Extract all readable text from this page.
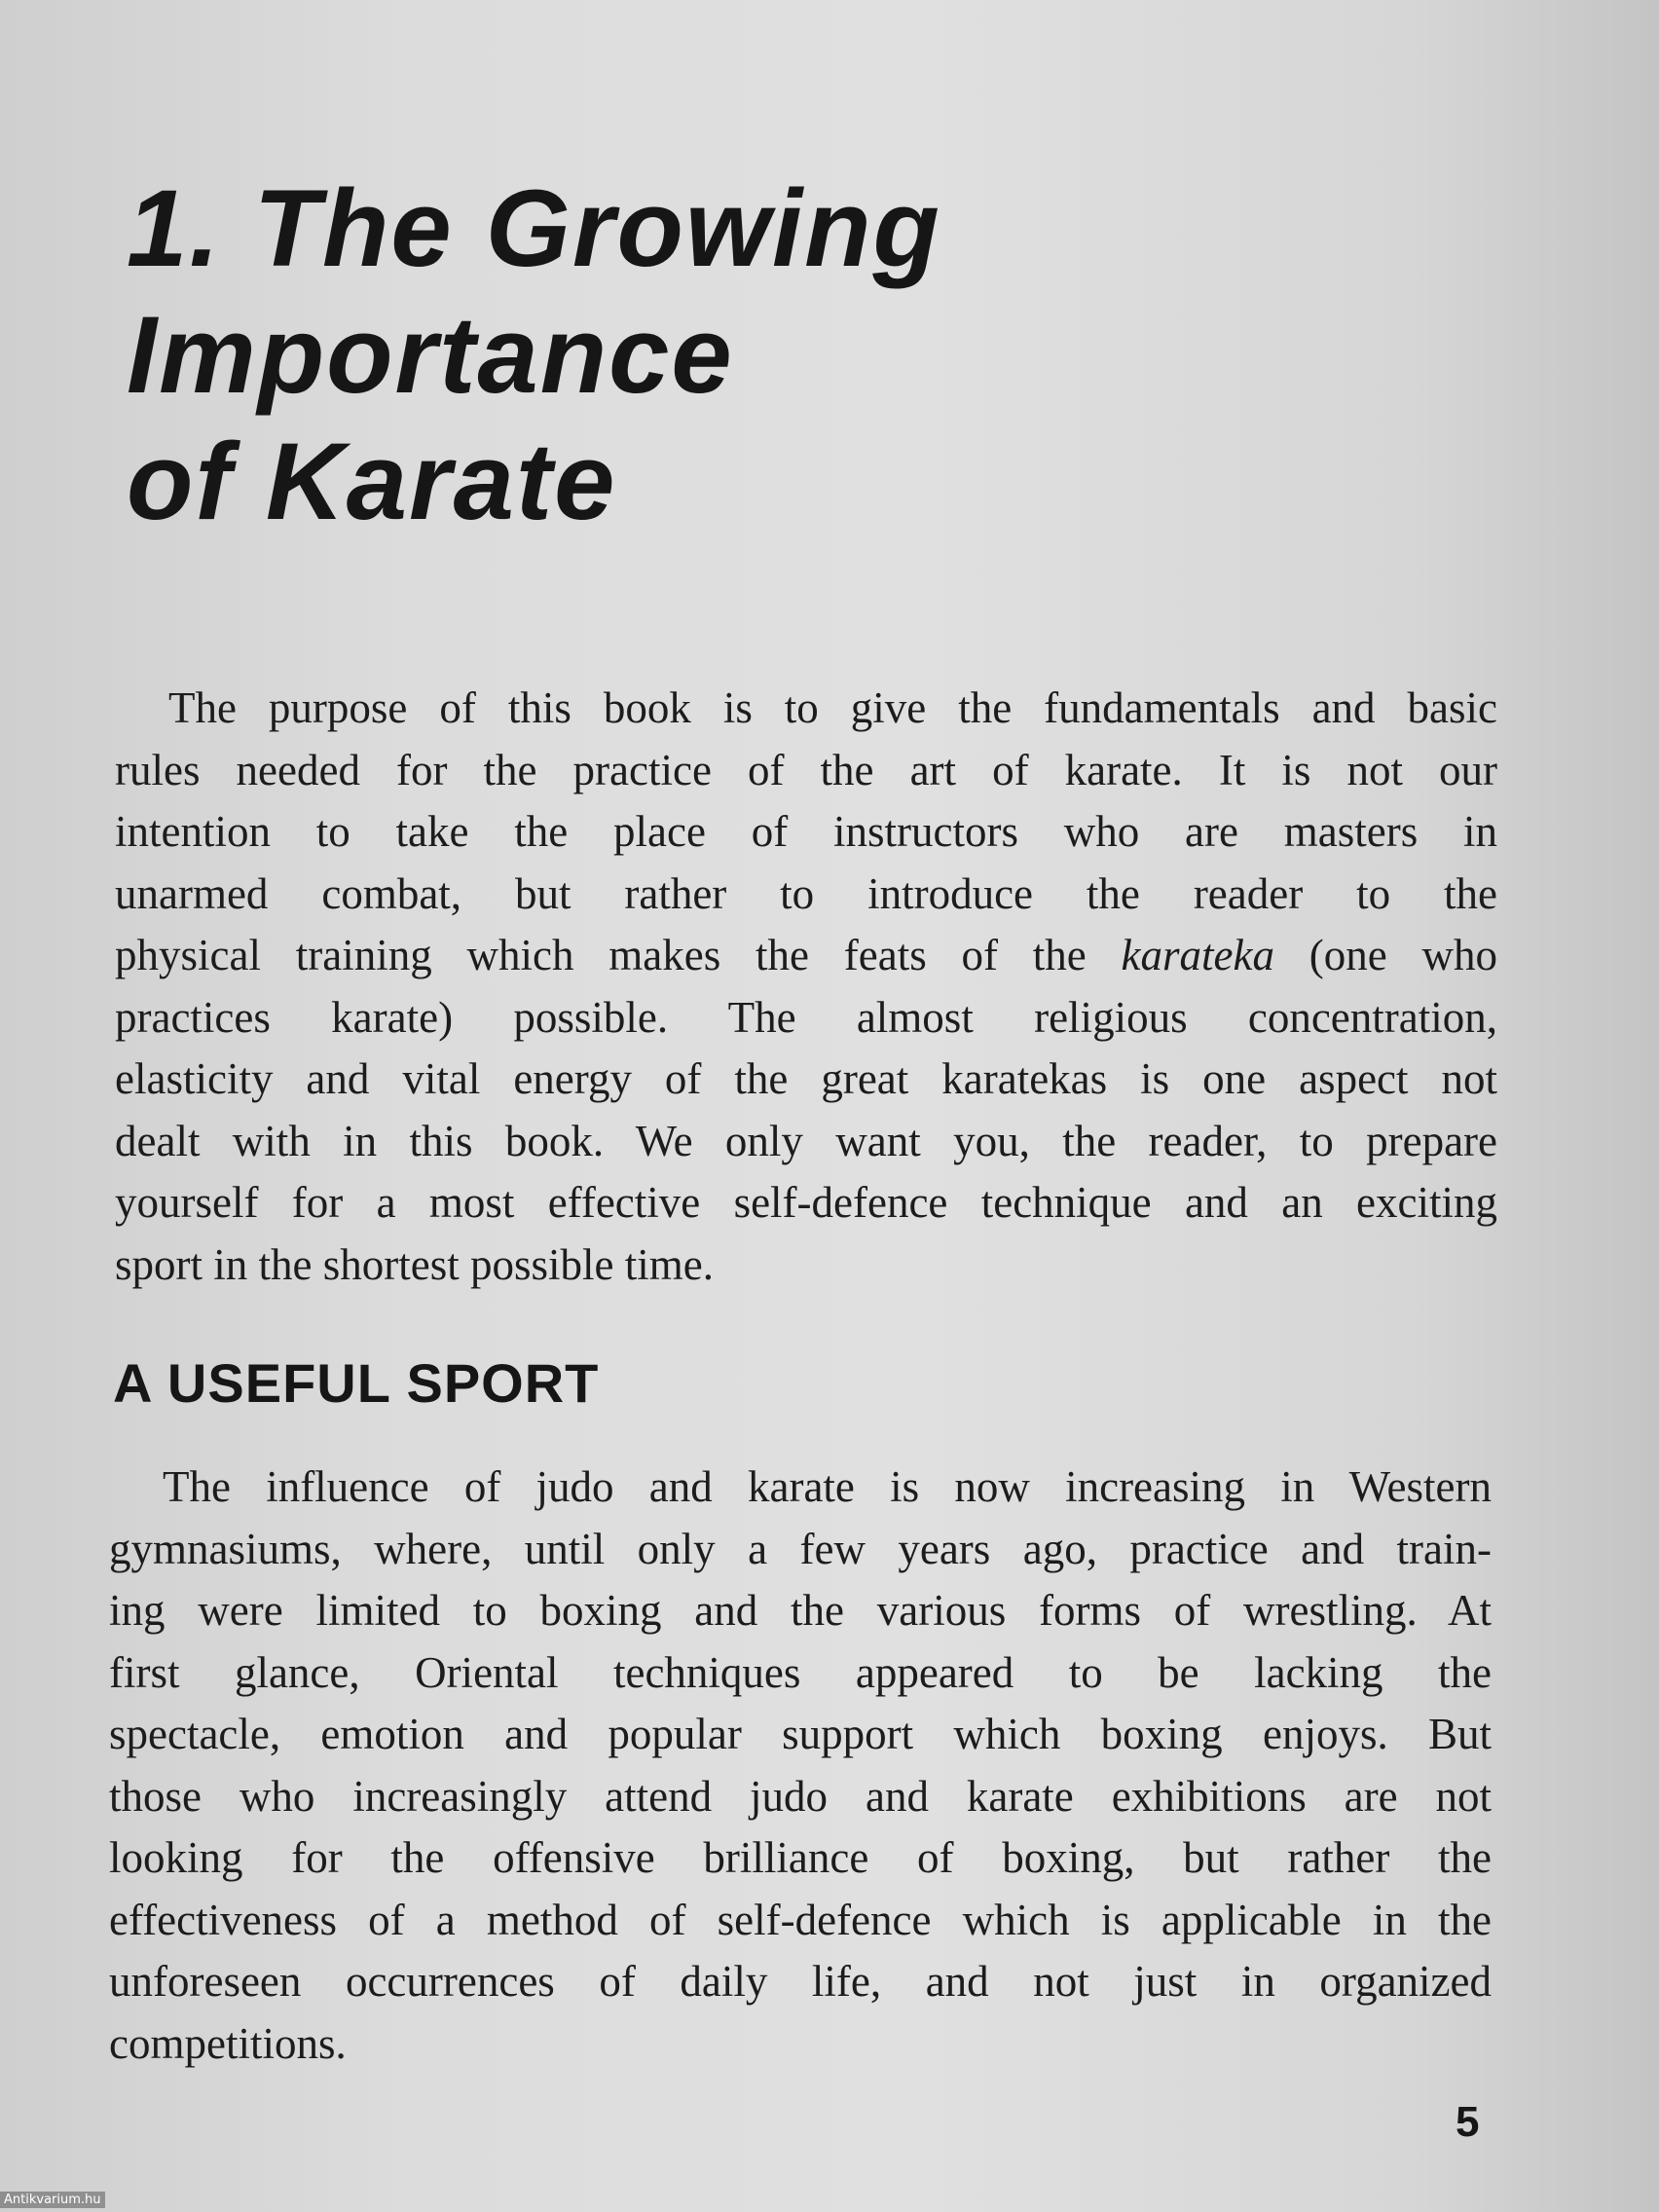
1. The Growing Importance
of Karate

The purpose of this book is to give the fundamentals and basic
rules needed for the practice of the art of karate. It is not our
intention to take the place of instructors who are masters in
unarmed combat, but rather to introduce the reader to the
physical training which makes the feats of the karateka (one who
practices karate) possible. The almost religious concentration,
elasticity and vital energy of the great karatekas is one aspect not
dealt with in this book. We only want you, the reader, to prepare
yourself for a most effective self-defence technique and an exciting
sport in the shortest possible time.

A USEFUL SPORT

The influence of judo and karate is now increasing in Western
gymnasiums, where, until only a few years ago, practice and train-
ing were limited to boxing and the various forms of wrestling. At
first glance, Oriental techniques appeared to be lacking the
spectacle, emotion and popular support which boxing enjoys. But
those who increasingly attend judo and karate exhibitions are not
looking for the offensive brilliance of boxing, but rather the
effectiveness of a method of self-defence which is applicable in the
unforeseen occurrences of daily life, and not just in organized
competitions.

5
Antikvarium.hu
